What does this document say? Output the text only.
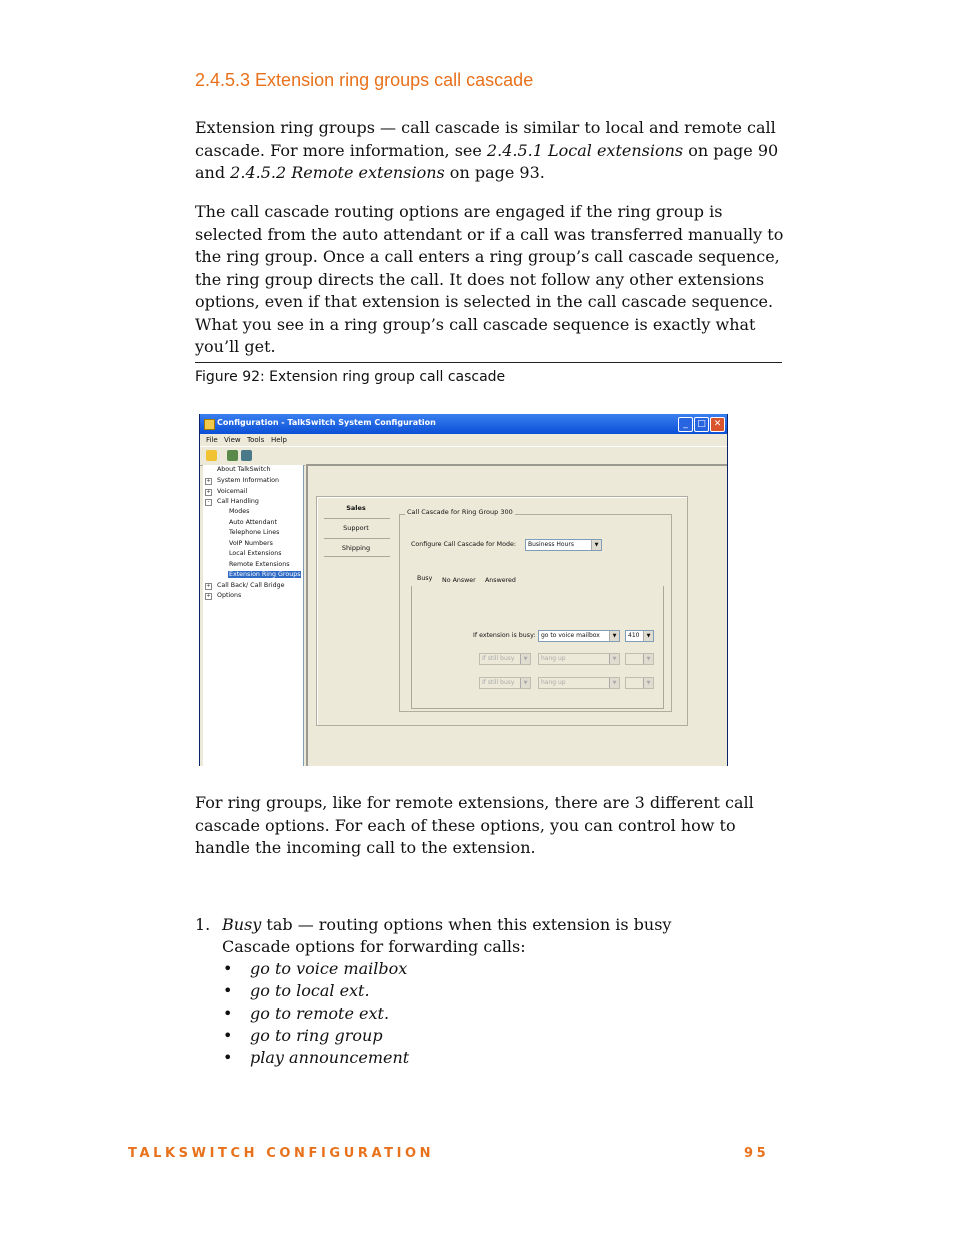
2.4.5.3 Extension ring groups call cascade
Extension ring groups — call cascade is similar to local and remote call cascade. For more information, see 2.4.5.1 Local extensions on page 90 and 2.4.5.2 Remote extensions on page 93.
The call cascade routing options are engaged if the ring group is selected from the auto attendant or if a call was transferred manually to the ring group. Once a call enters a ring group’s call cascade sequence, the ring group directs the call. It does not follow any other extensions options, even if that extension is selected in the call cascade sequence. What you see in a ring group’s call cascade sequence is exactly what you’ll get.
Figure 92: Extension ring group call cascade
Configuration - TalkSwitch System Configuration	_	□ ✕
File View Tools Help
About TalkSwitch
+ System Information
+ Voicemail
-	Call Handling
Modes
Auto Attendant
Telephone Lines
VoIP Numbers
Local Extensions
Remote Extensions
Extension Ring Groups
+ Call Back/ Call Bridge
+ Options
Sales
Support
Shipping
Call Cascade for Ring Group 300
Configure Call Cascade for Mode:	Business Hours	▼
Busy No Answer Answered
If extension is busy: go to voice mailbox	▼	410	▼
If still busy	▼	hang up	▼	▼
If still busy	▼	hang up	▼	▼
For ring groups, like for remote extensions, there are 3 different call cascade options. For each of these options, you can control how to handle the incoming call to the extension.
1. Busy tab — routing options when this extension is busy
Cascade options for forwarding calls:
• go to voice mailbox
• go to local ext.
• go to remote ext.
• go to ring group
• play announcement
TALKSWITCH CONFIGURATION	95
